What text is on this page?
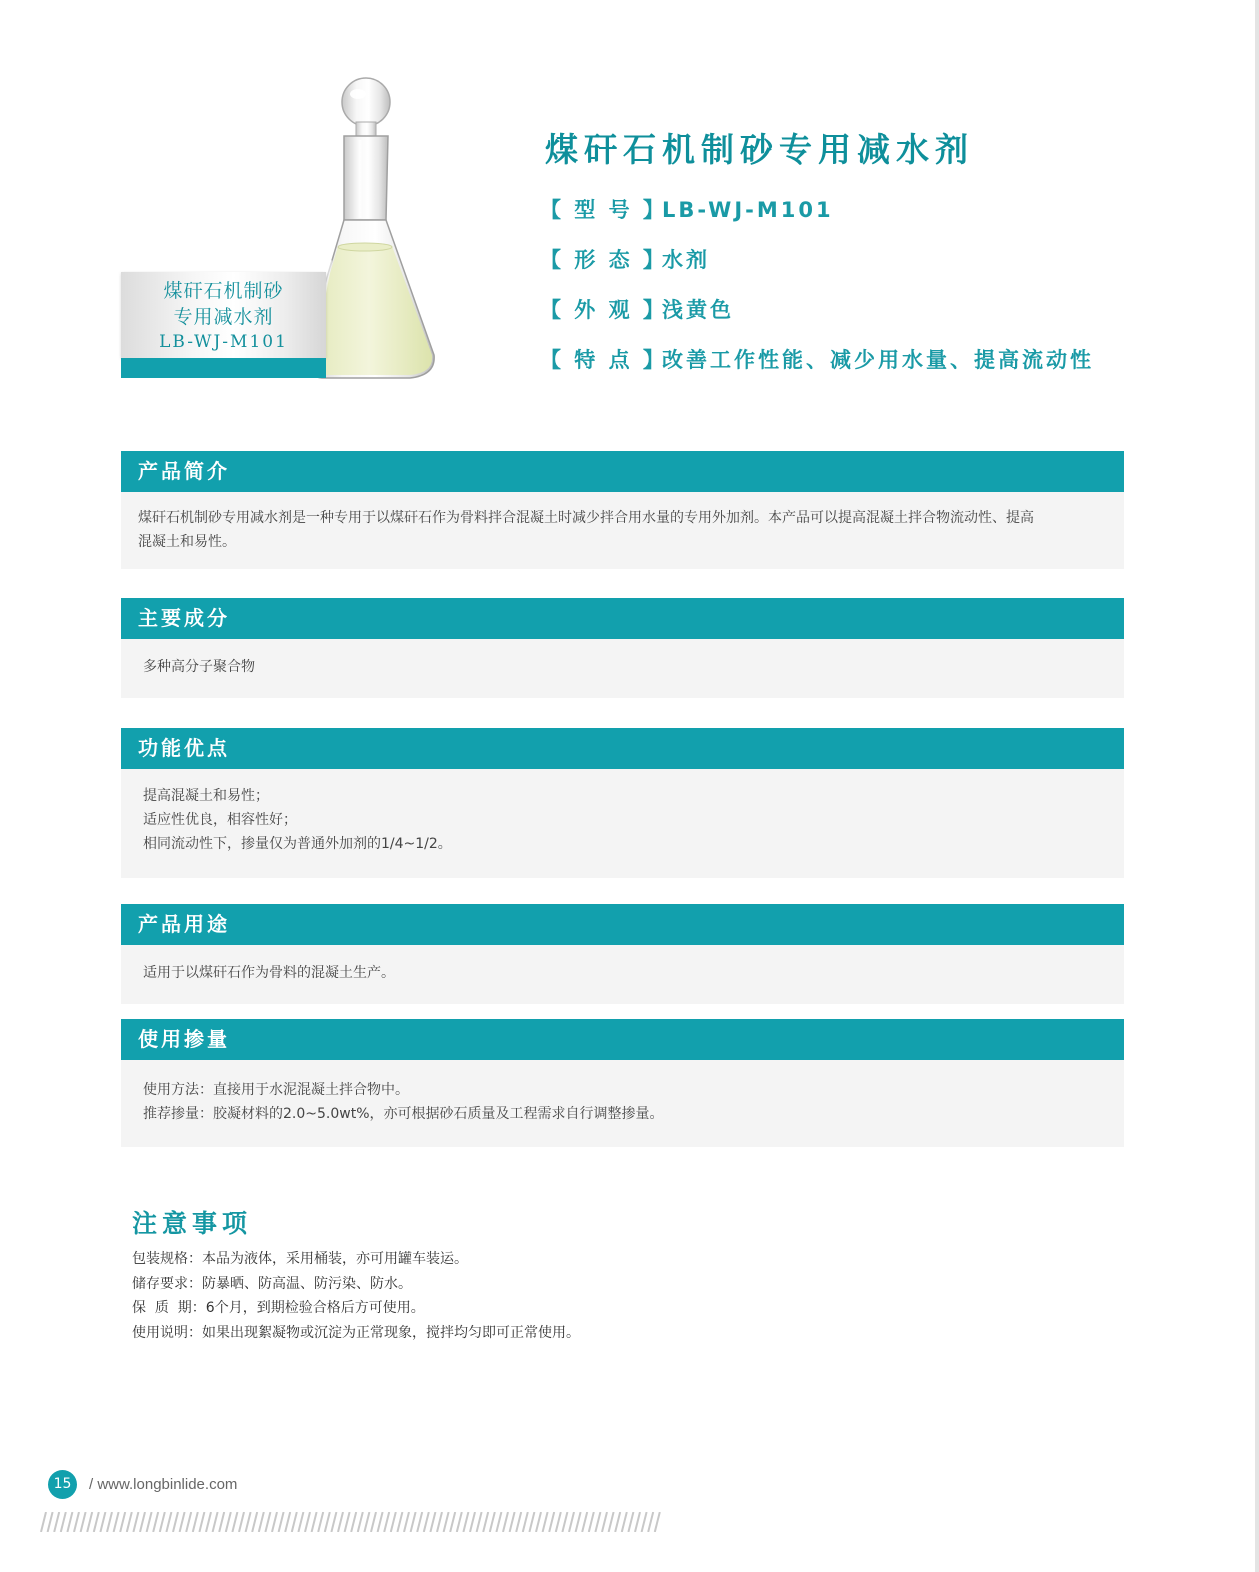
煤矸石机制砂
专用减水剂
LB-WJ-M101
煤矸石机制砂专用减水剂
【 型 号 】LB-WJ-M101
【 形 态 】水剂
【 外 观 】浅黄色
【 特 点 】改善工作性能、减少用水量、提高流动性
产品简介
煤矸石机制砂专用减水剂是一种专用于以煤矸石作为骨料拌合混凝土时减少拌合用水量的专用外加剂。本产品可以提高混凝土拌合物流动性、提高
混凝土和易性。
主要成分
多种高分子聚合物
功能优点
提高混凝土和易性；
适应性优良，相容性好；
相同流动性下，掺量仅为普通外加剂的1/4~1/2。
产品用途
适用于以煤矸石作为骨料的混凝土生产。
使用掺量
使用方法：直接用于水泥混凝土拌合物中。
推荐掺量：胶凝材料的2.0~5.0wt%，亦可根据砂石质量及工程需求自行调整掺量。
注意事项
包装规格：本品为液体，采用桶装，亦可用罐车装运。
储存要求：防暴晒、防高温、防污染、防水。
保  质  期：6个月，到期检验合格后方可使用。
使用说明：如果出现絮凝物或沉淀为正常现象，搅拌均匀即可正常使用。
15	/ www.longbinlide.com
